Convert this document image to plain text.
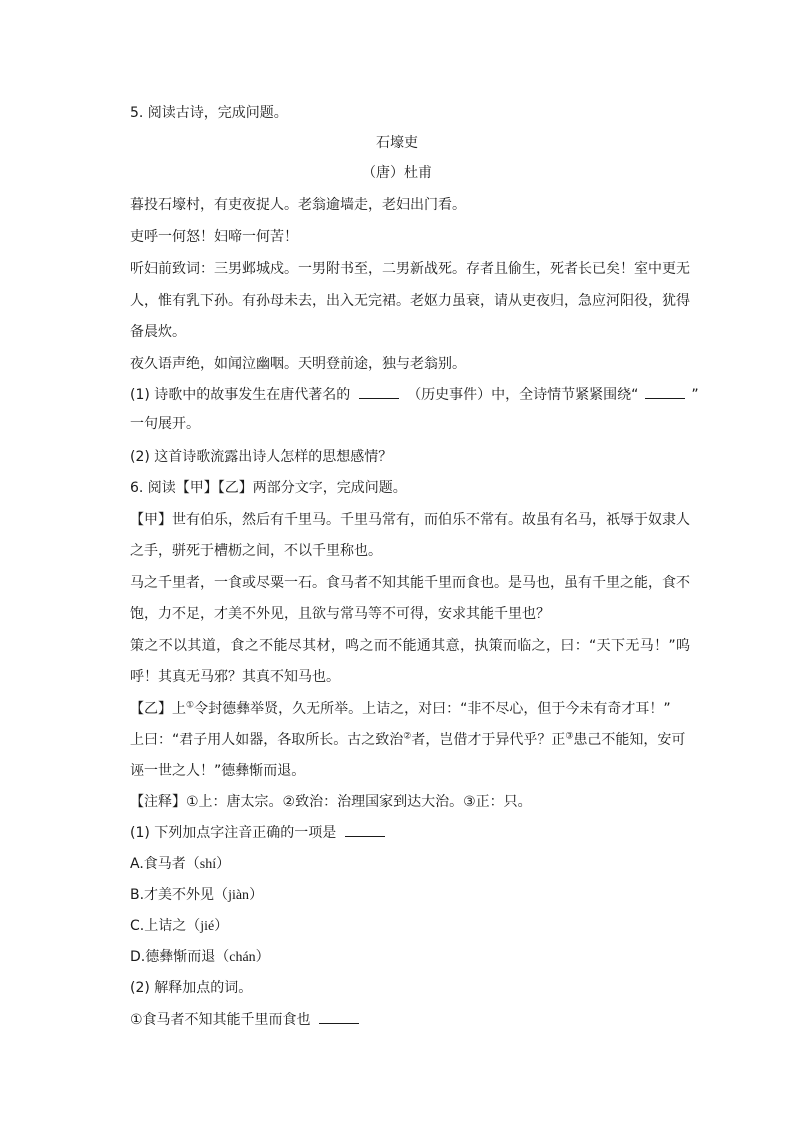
5. 阅读古诗，完成问题。

石壕吏

（唐）杜甫

暮投石壕村，有吏夜捉人。老翁逾墙走，老妇出门看。

吏呼一何怒！妇啼一何苦！

听妇前致词：三男邺城戍。一男附书至，二男新战死。存者且偷生，死者长已矣！室中更无

人，惟有乳下孙。有孙母未去，出入无完裙。老妪力虽衰，请从吏夜归，急应河阳役，犹得

备晨炊。

夜久语声绝，如闻泣幽咽。天明登前途，独与老翁别。

(1) 诗歌中的故事发生在唐代著名的	（历史事件）中，全诗情节紧紧围绕“	”

一句展开。

(2) 这首诗歌流露出诗人怎样的思想感情？

6. 阅读【甲】【乙】两部分文字，完成问题。

【甲】世有伯乐，然后有千里马。千里马常有，而伯乐不常有。故虽有名马，祇辱于奴隶人

之手，骈死于槽枥之间，不以千里称也。

马之千里者，一食或尽粟一石。食马者不知其能千里而食也。是马也，虽有千里之能，食不

饱，力不足，才美不外见，且欲与常马等不可得，安求其能千里也？

策之不以其道，食之不能尽其材，鸣之而不能通其意，执策而临之，曰：“天下无马！”呜

呼！其真无马邪？其真不知马也。

【乙】上①令封德彝举贤，久无所举。上诘之，对曰：“非不尽心，但于今未有奇才耳！”

上曰：“君子用人如器，各取所长。古之致治②者，岂借才于异代乎？正③患己不能知，安可

诬一世之人！”德彝惭而退。

【注释】①上：唐太宗。②致治：治理国家到达大治。③正：只。

(1) 下列加点字注音正确的一项是

A.食马者（shí）

B.才美不外见（jiàn）

C.上诘之（jié）

D.德彝惭而退（chán）

(2) 解释加点的词。

①食马者不知其能千里而食也
